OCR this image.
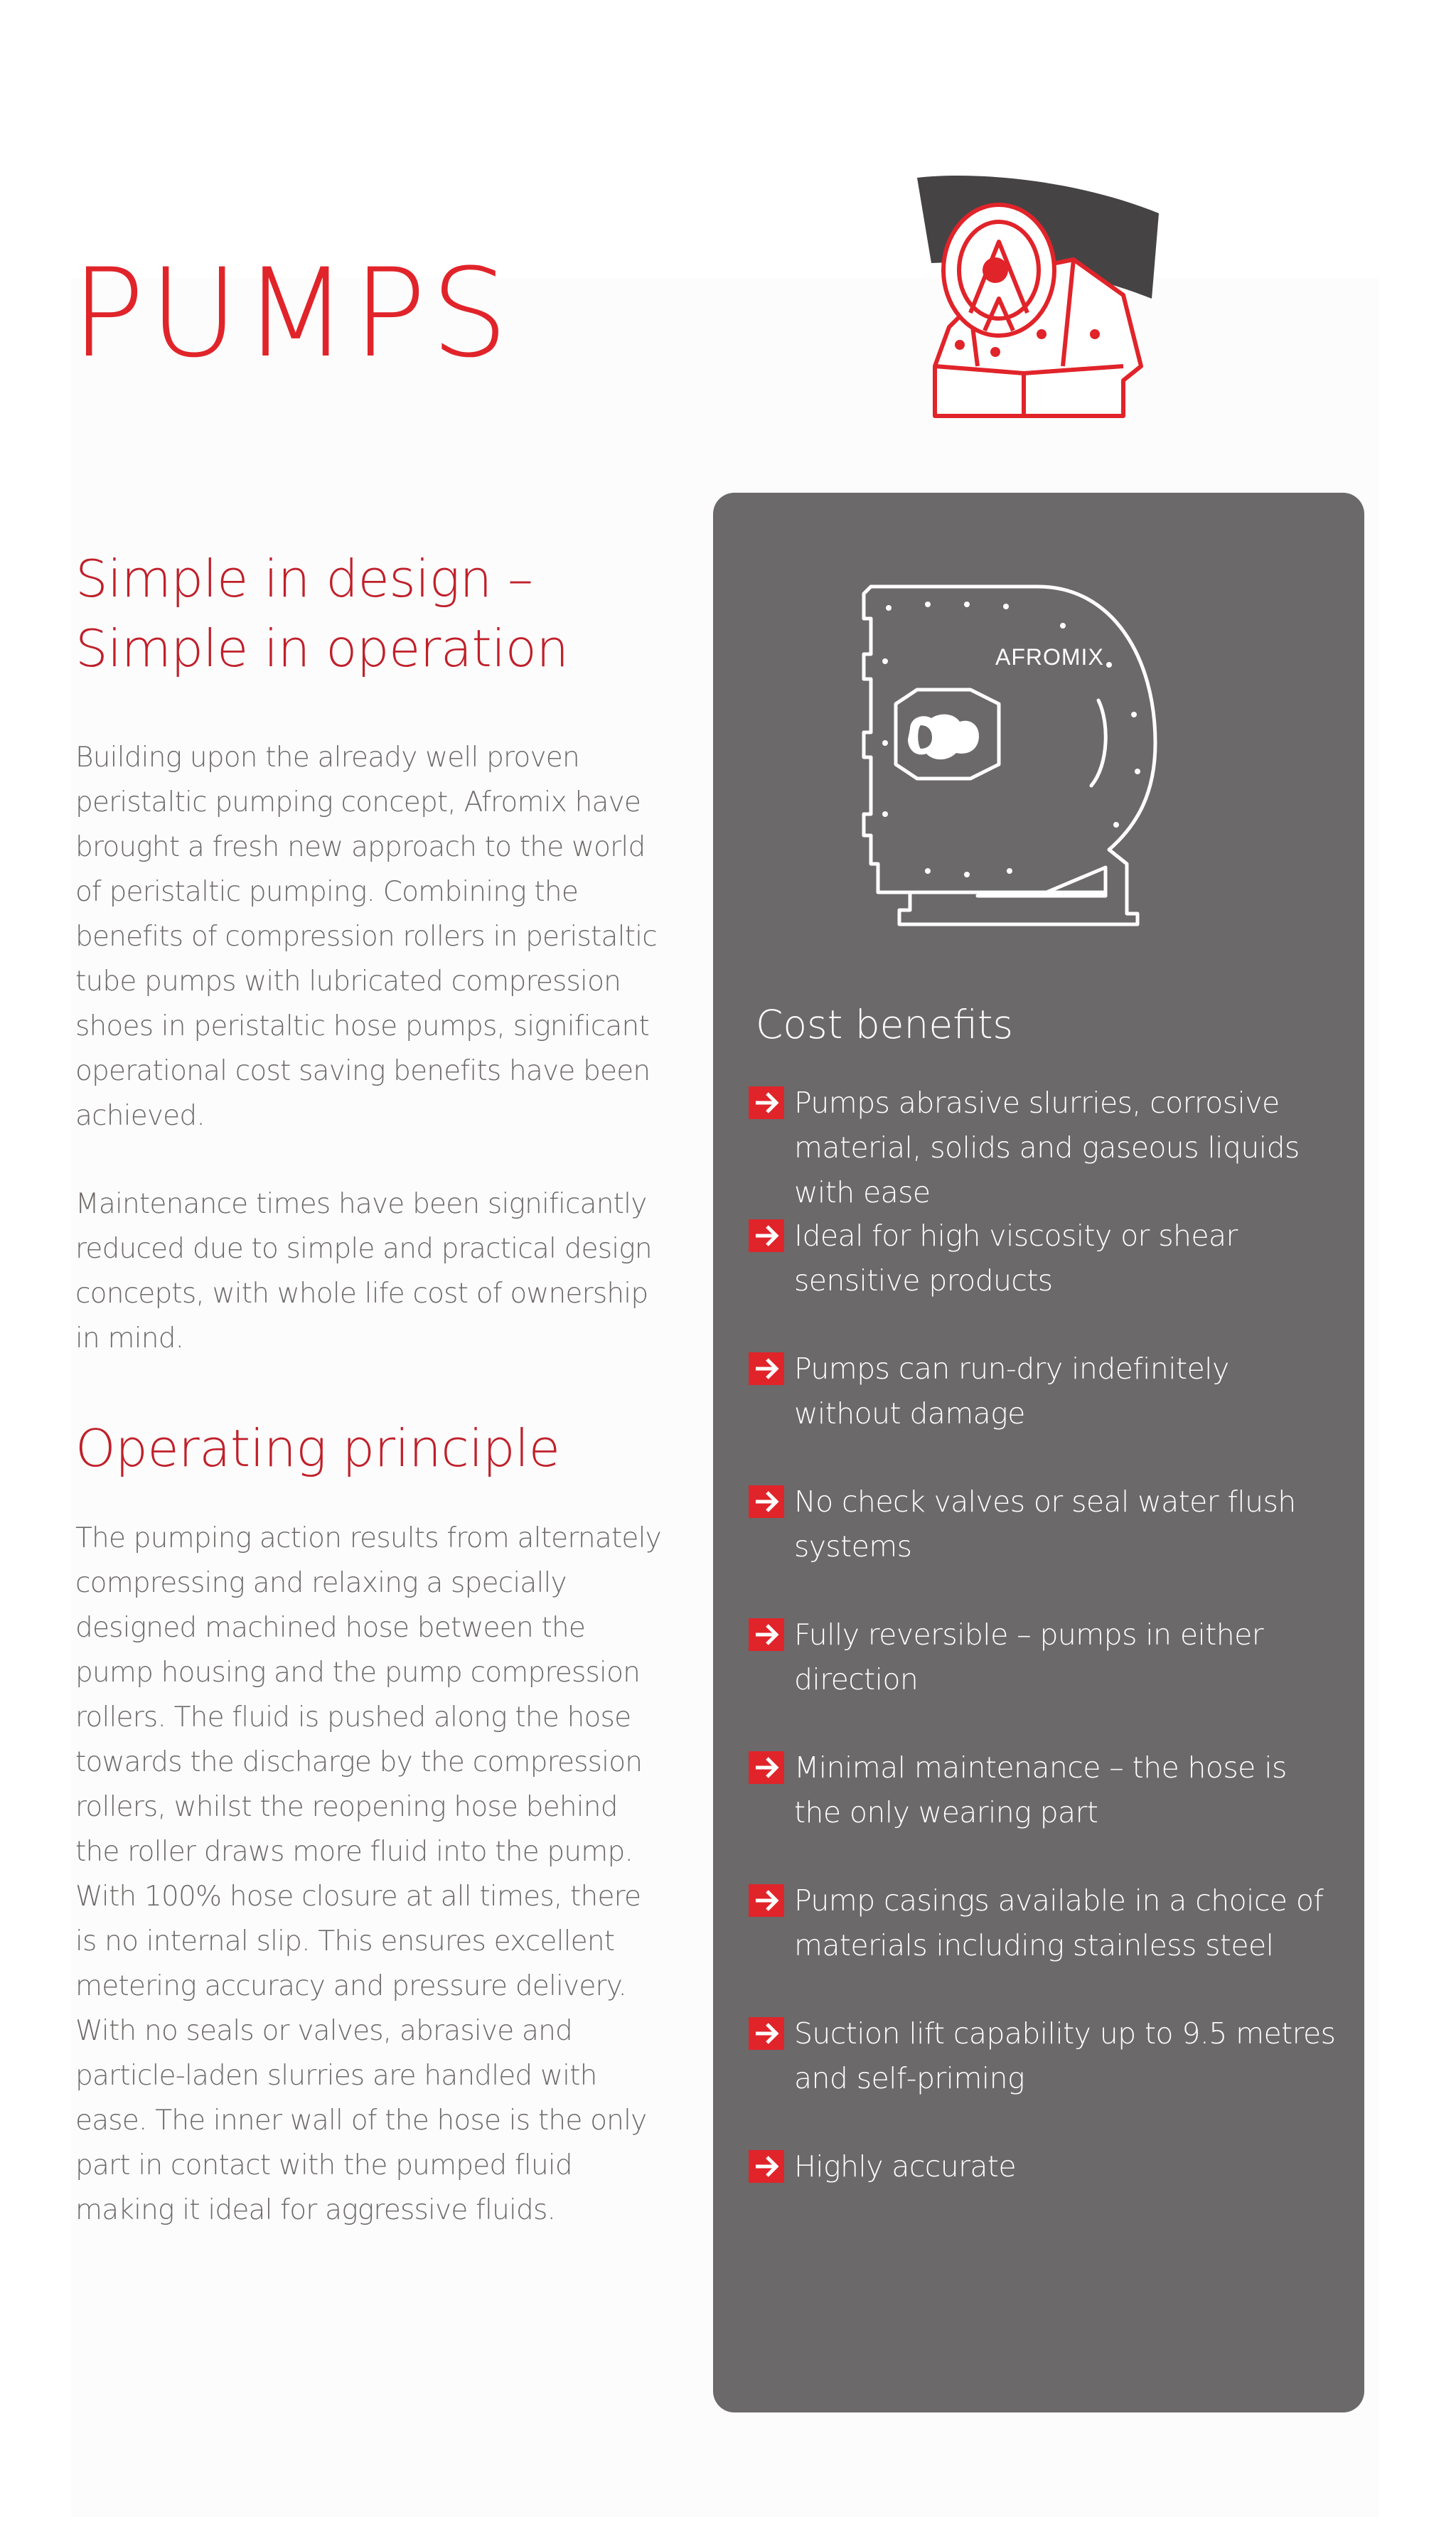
PUMPS
Simple in design –
Simple in operation

Building upon the already well proven peristaltic pumping concept, Afromix have brought a fresh new approach to the world of peristaltic pumping. Combining the benefits of compression rollers in peristaltic tube pumps with lubricated compression shoes in peristaltic hose pumps, significant operational cost saving benefits have been achieved.

Maintenance times have been significantly reduced due to simple and practical design concepts, with whole life cost of ownership in mind.

Operating principle

The pumping action results from alternately compressing and relaxing a specially designed machined hose between the pump housing and the pump compression rollers. The fluid is pushed along the hose towards the discharge by the compression rollers, whilst the reopening hose behind the roller draws more fluid into the pump. With 100% hose closure at all times, there is no internal slip. This ensures excellent metering accuracy and pressure delivery. With no seals or valves, abrasive and particle-laden slurries are handled with ease. The inner wall of the hose is the only part in contact with the pumped fluid making it ideal for aggressive fluids.

AFROMIX
Cost benefits
Pumps abrasive slurries, corrosive material, solids and gaseous liquids with ease
Ideal for high viscosity or shear sensitive products
Pumps can run-dry indefinitely without damage
No check valves or seal water flush systems
Fully reversible – pumps in either direction
Minimal maintenance – the hose is the only wearing part
Pump casings available in a choice of materials including stainless steel
Suction lift capability up to 9.5 metres and self-priming
Highly accurate
